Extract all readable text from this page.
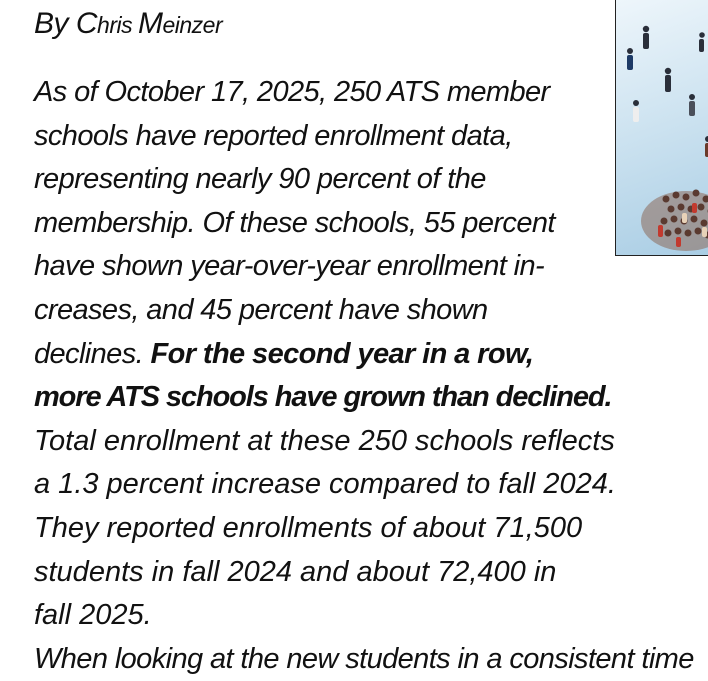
By Chris Meinzer
As of October 17, 2025, 250 ATS member
schools have reported enrollment data,
representing nearly 90 percent of the
membership. Of these schools, 55 percent
have shown year-over-year enrollment in-
creases, and 45 percent have shown
declines. For the second year in a row,
more ATS schools have grown than declined.
Total enrollment at these 250 schools reflects
a 1.3 percent increase compared to fall 2024.
They reported enrollments of about 71,500
students in fall 2024 and about 72,400 in
fall 2025.
When looking at the new students in a consistent time
